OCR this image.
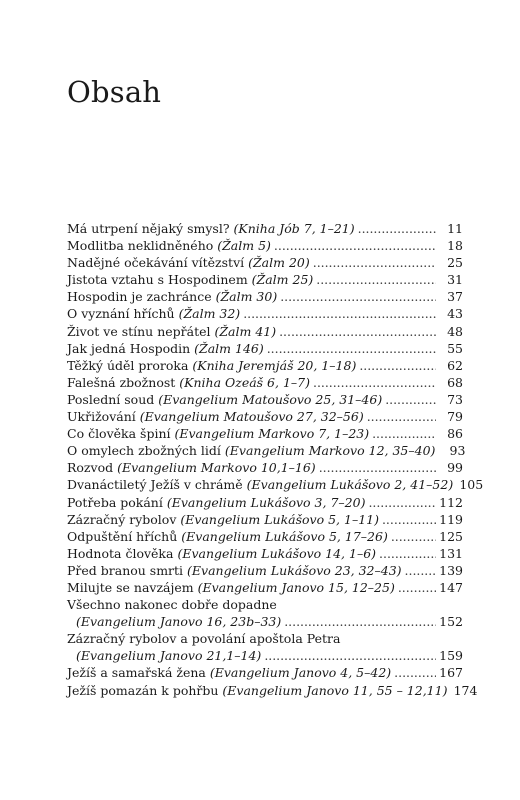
Obsah
Má utrpení nějaký smysl? (Kniha Jób 7, 1–21) . . .	11
Modlitba neklidněného (Žalm 5) . . .	18
Nadějné očekávání vítězství (Žalm 20) . . .	25
Jistota vztahu s Hospodinem (Žalm 25) . . .	31
Hospodin je zachránce (Žalm 30) . . .	37
O vyznání hříchů (Žalm 32) . . .	43
Život ve stínu nepřátel (Žalm 41) . . .	48
Jak jedná Hospodin (Žalm 146) . . .	55
Těžký úděl proroka (Kniha Jeremjáš 20, 1–18) . . .	62
Falešná zbožnost (Kniha Ozeáš 6, 1–7) . . .	68
Poslední soud (Evangelium Matoušovo 25, 31–46) . . .	73
Ukřižování (Evangelium Matoušovo 27, 32–56) . . .	79
Co člověka špiní (Evangelium Markovo 7, 1–23) . . .	86
O omylech zbožných lidí (Evangelium Markovo 12, 35–40)	93
Rozvod (Evangelium Markovo 10,1–16) . . .	99
Dvanáctiletý Ježíš v chrámě (Evangelium Lukášovo 2, 41–52) 105
Potřeba pokání (Evangelium Lukášovo 3, 7–20) . . .	112
Zázračný rybolov (Evangelium Lukášovo 5, 1–11) . . .	119
Odpuštění hříchů (Evangelium Lukášovo 5, 17–26) . . .	125
Hodnota člověka (Evangelium Lukášovo 14, 1–6) . . .	131
Před branou smrti (Evangelium Lukášovo 23, 32–43) . . .	139
Milujte se navzájem (Evangelium Janovo 15, 12–25) . . .	147
Všechno nakonec dobře dopadne
(Evangelium Janovo 16, 23b–33) . . .	152
Zázračný rybolov a povolání apoštola Petra
(Evangelium Janovo 21,1–14) . . .	159
Ježíš a samařská žena (Evangelium Janovo 4, 5–42) . . .	167
Ježíš pomazán k pohřbu (Evangelium Janovo 11, 55 – 12,11) 174
